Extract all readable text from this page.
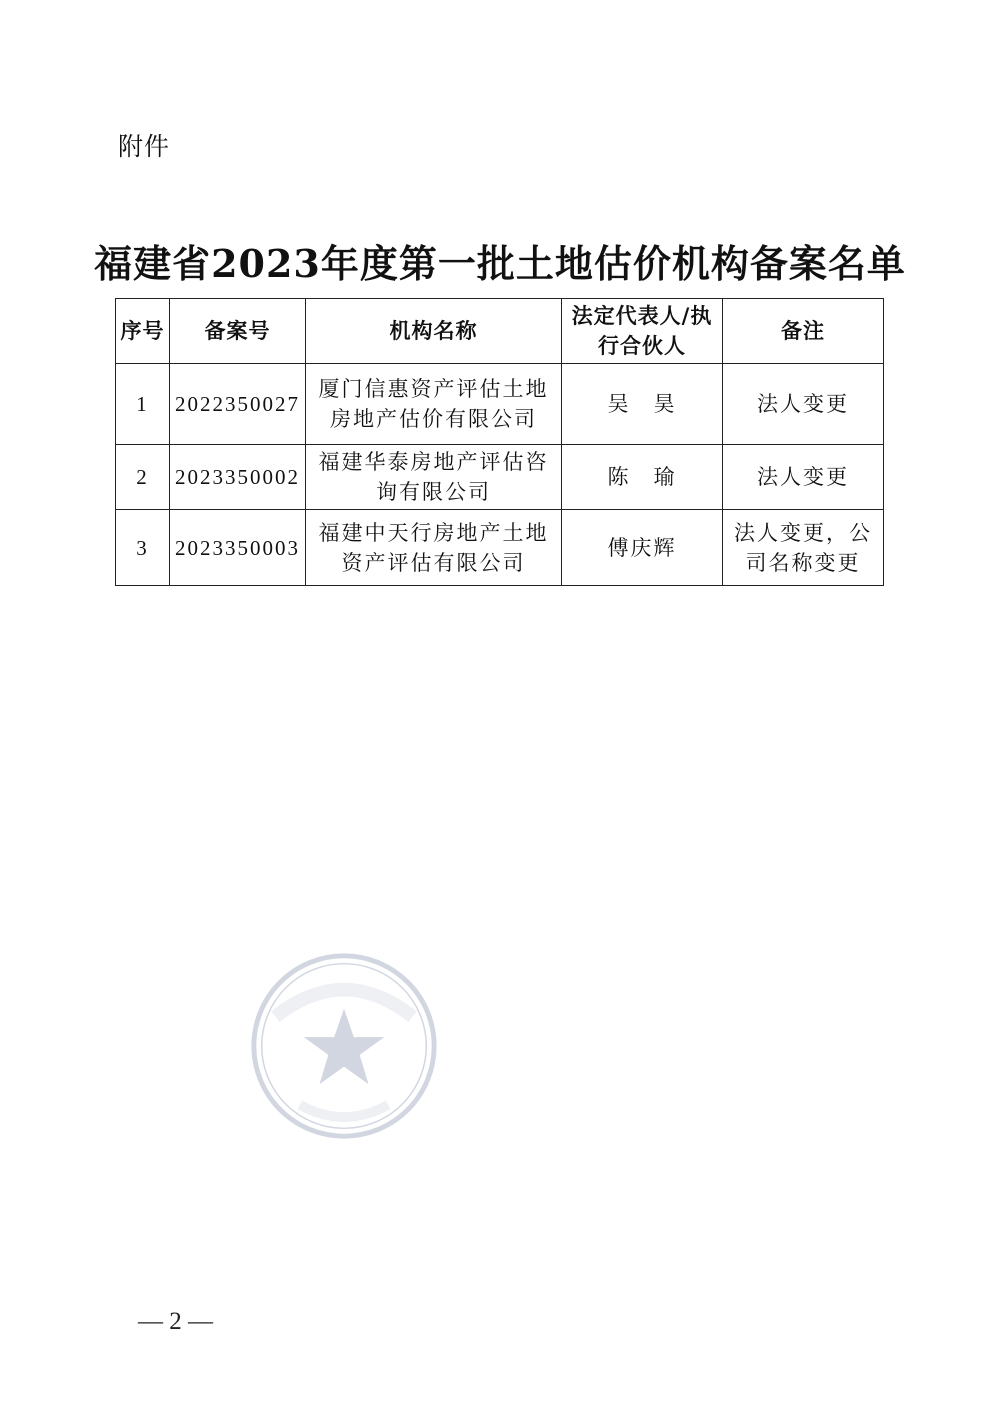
附件
福建省2023年度第一批土地估价机构备案名单
序号	备案号	机构名称	法定代表人/执行合伙人	备注
1	2022350027	厦门信惠资产评估土地房地产估价有限公司	吴　昊	法人变更
2	2023350002	福建华泰房地产评估咨询有限公司	陈　瑜	法人变更
3	2023350003	福建中天行房地产土地资产评估有限公司	傅庆辉	法人变更，公司名称变更
— 2 —
